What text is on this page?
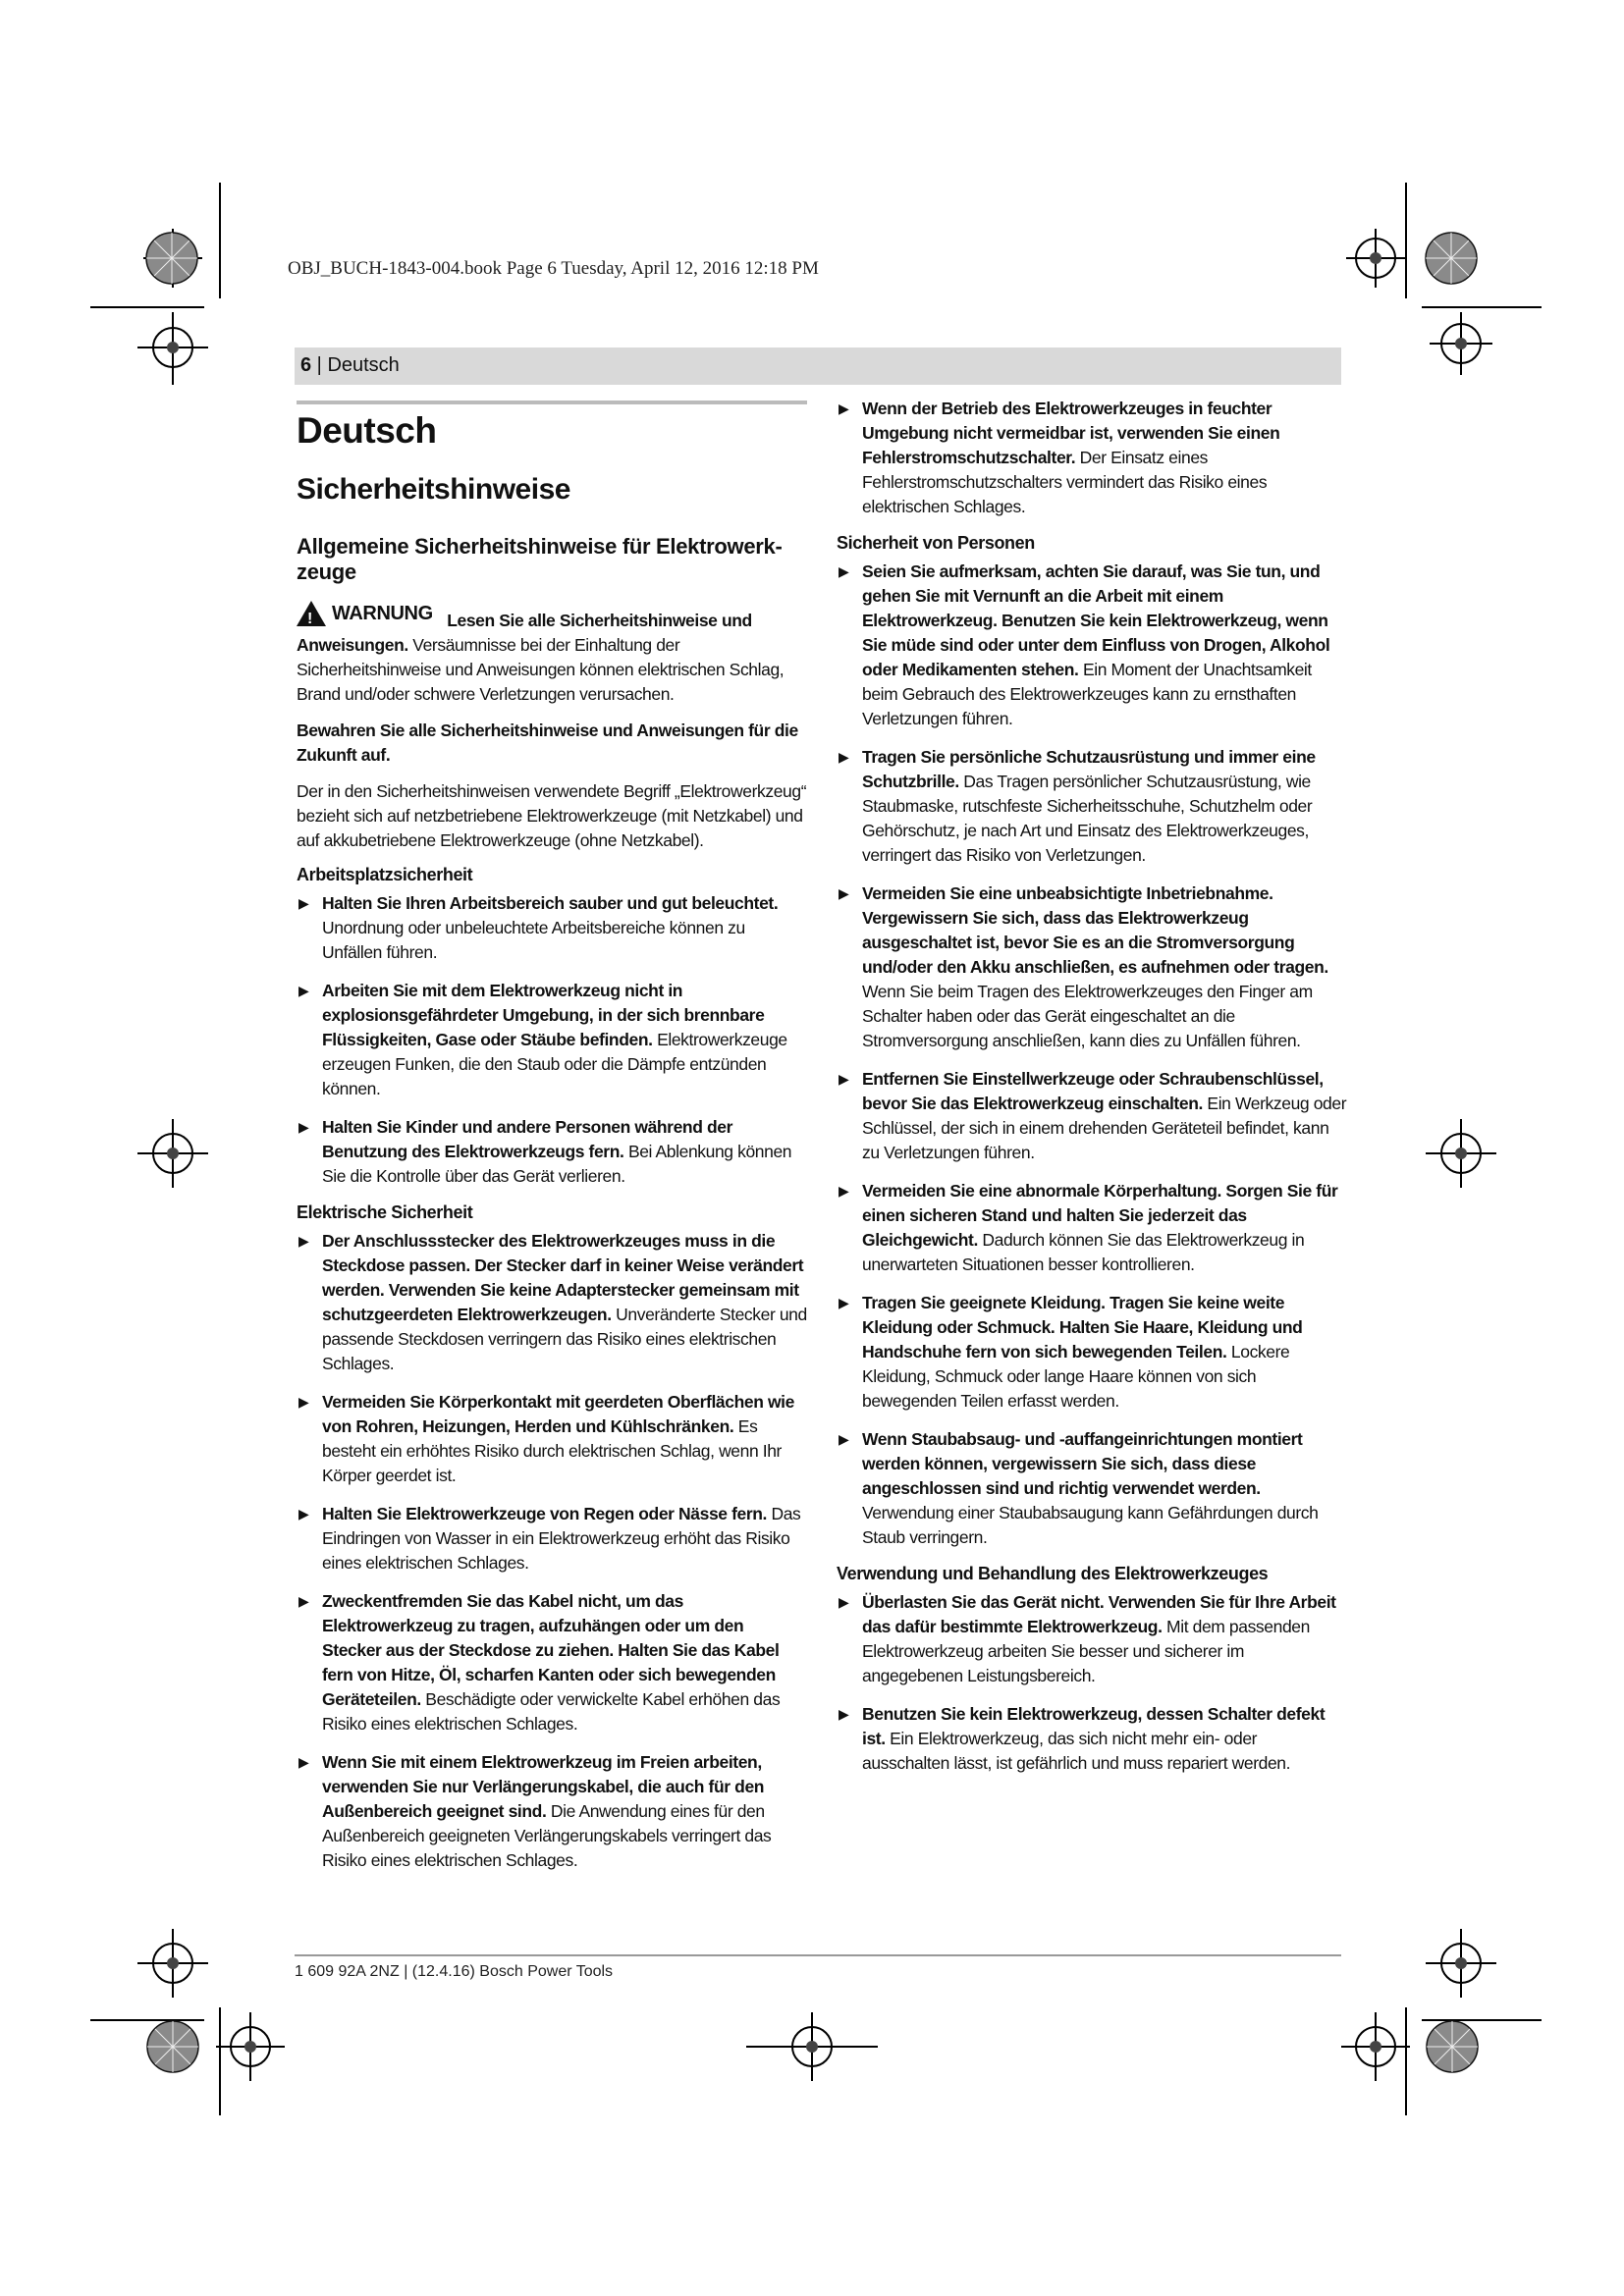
OBJ_BUCH-1843-004.book Page 6 Tuesday, April 12, 2016 12:18 PM
6 | Deutsch
Deutsch
Sicherheitshinweise
Allgemeine Sicherheitshinweise für Elektrowerk-zeuge

! WARNUNG Lesen Sie alle Sicherheitshinweise und Anweisungen. Versäumnisse bei der Einhaltung der Sicherheitshinweise und Anweisungen können elektrischen Schlag, Brand und/oder schwere Verletzungen verursachen.

Bewahren Sie alle Sicherheitshinweise und Anweisungen für die Zukunft auf.

Der in den Sicherheitshinweisen verwendete Begriff „Elektrowerkzeug“ bezieht sich auf netzbetriebene Elektrowerkzeuge (mit Netzkabel) und auf akkubetriebene Elektrowerkzeuge (ohne Netzkabel).

Arbeitsplatzsicherheit
▶ Halten Sie Ihren Arbeitsbereich sauber und gut beleuchtet. Unordnung oder unbeleuchtete Arbeitsbereiche können zu Unfällen führen.
▶ Arbeiten Sie mit dem Elektrowerkzeug nicht in explosionsgefährdeter Umgebung, in der sich brennbare Flüssigkeiten, Gase oder Stäube befinden. Elektrowerkzeuge erzeugen Funken, die den Staub oder die Dämpfe entzünden können.
▶ Halten Sie Kinder und andere Personen während der Benutzung des Elektrowerkzeugs fern. Bei Ablenkung können Sie die Kontrolle über das Gerät verlieren.
Elektrische Sicherheit
▶ Der Anschlussstecker des Elektrowerkzeuges muss in die Steckdose passen. Der Stecker darf in keiner Weise verändert werden. Verwenden Sie keine Adapterstecker gemeinsam mit schutzgeerdeten Elektrowerkzeugen. Unveränderte Stecker und passende Steckdosen verringern das Risiko eines elektrischen Schlages.
▶ Vermeiden Sie Körperkontakt mit geerdeten Oberflächen wie von Rohren, Heizungen, Herden und Kühlschränken. Es besteht ein erhöhtes Risiko durch elektrischen Schlag, wenn Ihr Körper geerdet ist.
▶ Halten Sie Elektrowerkzeuge von Regen oder Nässe fern. Das Eindringen von Wasser in ein Elektrowerkzeug erhöht das Risiko eines elektrischen Schlages.
▶ Zweckentfremden Sie das Kabel nicht, um das Elektrowerkzeug zu tragen, aufzuhängen oder um den Stecker aus der Steckdose zu ziehen. Halten Sie das Kabel fern von Hitze, Öl, scharfen Kanten oder sich bewegenden Geräteteilen. Beschädigte oder verwickelte Kabel erhöhen das Risiko eines elektrischen Schlages.
▶ Wenn Sie mit einem Elektrowerkzeug im Freien arbeiten, verwenden Sie nur Verlängerungskabel, die auch für den Außenbereich geeignet sind. Die Anwendung eines für den Außenbereich geeigneten Verlängerungskabels verringert das Risiko eines elektrischen Schlages.
▶ Wenn der Betrieb des Elektrowerkzeuges in feuchter Umgebung nicht vermeidbar ist, verwenden Sie einen Fehlerstromschutzschalter. Der Einsatz eines Fehlerstromschutzschalters vermindert das Risiko eines elektrischen Schlages.
Sicherheit von Personen
▶ Seien Sie aufmerksam, achten Sie darauf, was Sie tun, und gehen Sie mit Vernunft an die Arbeit mit einem Elektrowerkzeug. Benutzen Sie kein Elektrowerkzeug, wenn Sie müde sind oder unter dem Einfluss von Drogen, Alkohol oder Medikamenten stehen. Ein Moment der Unachtsamkeit beim Gebrauch des Elektrowerkzeuges kann zu ernsthaften Verletzungen führen.
▶ Tragen Sie persönliche Schutzausrüstung und immer eine Schutzbrille. Das Tragen persönlicher Schutzausrüstung, wie Staubmaske, rutschfeste Sicherheitsschuhe, Schutzhelm oder Gehörschutz, je nach Art und Einsatz des Elektrowerkzeuges, verringert das Risiko von Verletzungen.
▶ Vermeiden Sie eine unbeabsichtigte Inbetriebnahme. Vergewissern Sie sich, dass das Elektrowerkzeug ausgeschaltet ist, bevor Sie es an die Stromversorgung und/oder den Akku anschließen, es aufnehmen oder tragen. Wenn Sie beim Tragen des Elektrowerkzeuges den Finger am Schalter haben oder das Gerät eingeschaltet an die Stromversorgung anschließen, kann dies zu Unfällen führen.
▶ Entfernen Sie Einstellwerkzeuge oder Schraubenschlüssel, bevor Sie das Elektrowerkzeug einschalten. Ein Werkzeug oder Schlüssel, der sich in einem drehenden Geräteteil befindet, kann zu Verletzungen führen.
▶ Vermeiden Sie eine abnormale Körperhaltung. Sorgen Sie für einen sicheren Stand und halten Sie jederzeit das Gleichgewicht. Dadurch können Sie das Elektrowerkzeug in unerwarteten Situationen besser kontrollieren.
▶ Tragen Sie geeignete Kleidung. Tragen Sie keine weite Kleidung oder Schmuck. Halten Sie Haare, Kleidung und Handschuhe fern von sich bewegenden Teilen. Lockere Kleidung, Schmuck oder lange Haare können von sich bewegenden Teilen erfasst werden.
▶ Wenn Staubabsaug- und -auffangeinrichtungen montiert werden können, vergewissern Sie sich, dass diese angeschlossen sind und richtig verwendet werden. Verwendung einer Staubabsaugung kann Gefährdungen durch Staub verringern.
Verwendung und Behandlung des Elektrowerkzeuges
▶ Überlasten Sie das Gerät nicht. Verwenden Sie für Ihre Arbeit das dafür bestimmte Elektrowerkzeug. Mit dem passenden Elektrowerkzeug arbeiten Sie besser und sicherer im angegebenen Leistungsbereich.
▶ Benutzen Sie kein Elektrowerkzeug, dessen Schalter defekt ist. Ein Elektrowerkzeug, das sich nicht mehr ein- oder ausschalten lässt, ist gefährlich und muss repariert werden.
1 609 92A 2NZ | (12.4.16) Bosch Power Tools
